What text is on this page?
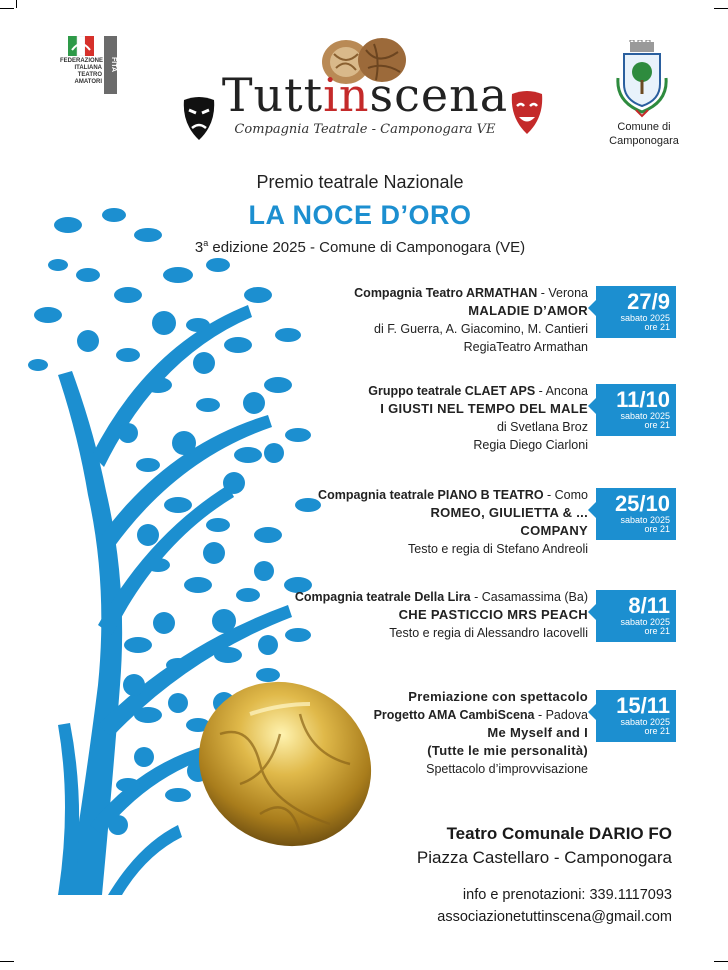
FEDERAZIONE ITALIANA TEATRO AMATORI
FITA
Tuttinscena
Compagnia Teatrale - Camponogara VE	Comune di
Camponogara
Premio teatrale Nazionale
LA NOCE D’ORO
3$^a$ edizione 2025 - Comune di Camponogara (VE)
Compagnia Teatro ARMATHAN - Verona
MALADIE D’AMOR
di F. Guerra, A. Giacomino, M. Cantieri
RegiaTeatro Armathan
27/9
sabato 2025
ore 21
Gruppo teatrale CLAET APS - Ancona
I GIUSTI NEL TEMPO DEL MALE
di Svetlana Broz
Regia Diego Ciarloni
11/10
sabato 2025
ore 21
Compagnia teatrale PIANO B TEATRO - Como
ROMEO, GIULIETTA & ...
COMPANY
Testo e regia di Stefano Andreoli
25/10
sabato 2025
ore 21
Compagnia teatrale Della Lira - Casamassima (Ba)
CHE PASTICCIO MRS PEACH
Testo e regia di Alessandro Iacovelli
8/11
sabato 2025
ore 21
Premiazione con spettacolo
Progetto AMA CambiScena - Padova
Me Myself and I
(Tutte le mie personalità)
Spettacolo d’improvvisazione
15/11
sabato 2025
ore 21
Teatro Comunale DARIO FO
Piazza Castellaro - Camponogara
info e prenotazioni: 339.1117093
associazionetuttinscena@gmail.com
